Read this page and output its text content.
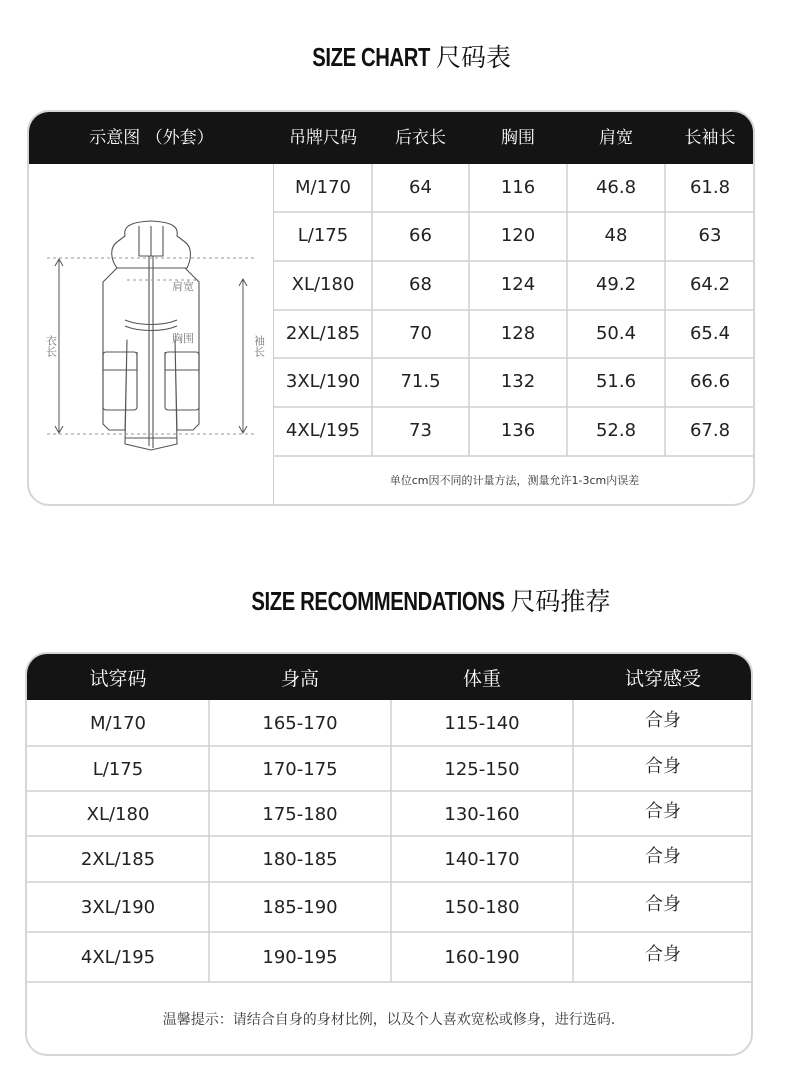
SIZE CHART 尺码表
示意图 （外套）	吊牌尺码	后衣长	胸围	肩宽	长袖长
肩宽
胸围
衣长	袖长
M/170	64	116	46.8	61.8
L/175	66	120	48	63
XL/180	68	124	49.2	64.2
2XL/185	70	128	50.4	65.4
3XL/190	71.5	132	51.6	66.6
4XL/195	73	136	52.8	67.8
单位cm因不同的计量方法，测量允许1-3cm内误差
SIZE RECOMMENDATIONS 尺码推荐
试穿码	身高	体重	试穿感受
M/170	165-170	115-140	合身
L/175	170-175	125-150	合身
XL/180	175-180	130-160	合身
2XL/185	180-185	140-170	合身
3XL/190	185-190	150-180	合身
4XL/195	190-195	160-190	合身
温馨提示：请结合自身的身材比例，以及个人喜欢宽松或修身，进行选码.
